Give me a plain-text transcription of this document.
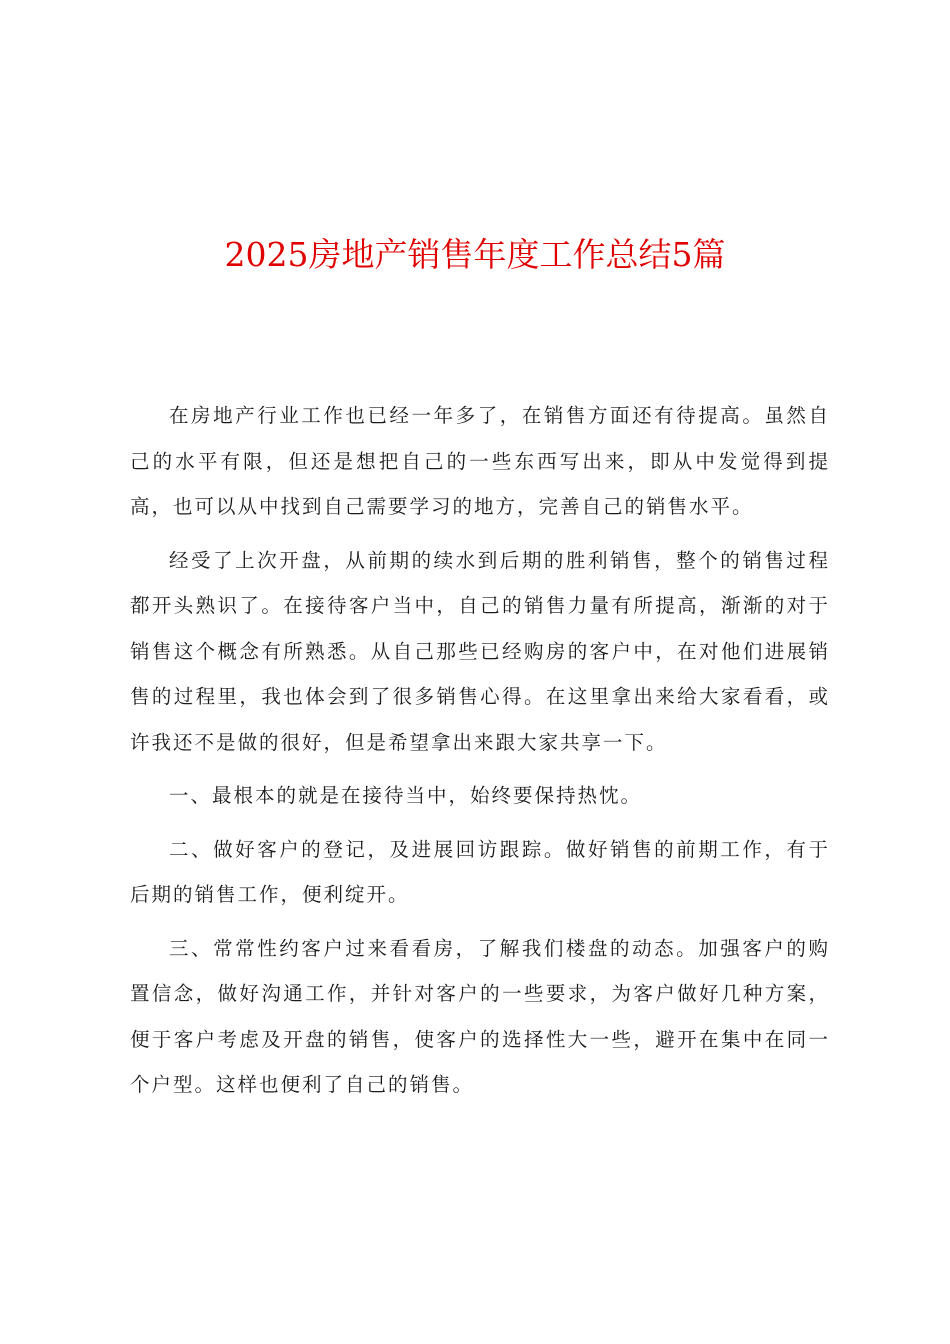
2025房地产销售年度工作总结5篇

在房地产行业工作也已经一年多了，在销售方面还有待提高。虽然自己的水平有限，但还是想把自己的一些东西写出来，即从中发觉得到提高，也可以从中找到自己需要学习的地方，完善自己的销售水平。

经受了上次开盘，从前期的续水到后期的胜利销售，整个的销售过程都开头熟识了。在接待客户当中，自己的销售力量有所提高，渐渐的对于销售这个概念有所熟悉。从自己那些已经购房的客户中，在对他们进展销售的过程里，我也体会到了很多销售心得。在这里拿出来给大家看看，或许我还不是做的很好，但是希望拿出来跟大家共享一下。

一、最根本的就是在接待当中，始终要保持热忱。

二、做好客户的登记，及进展回访跟踪。做好销售的前期工作，有于后期的销售工作，便利绽开。

三、常常性约客户过来看看房，了解我们楼盘的动态。加强客户的购置信念，做好沟通工作，并针对客户的一些要求，为客户做好几种方案，便于客户考虑及开盘的销售，使客户的选择性大一些，避开在集中在同一个户型。这样也便利了自己的销售。
